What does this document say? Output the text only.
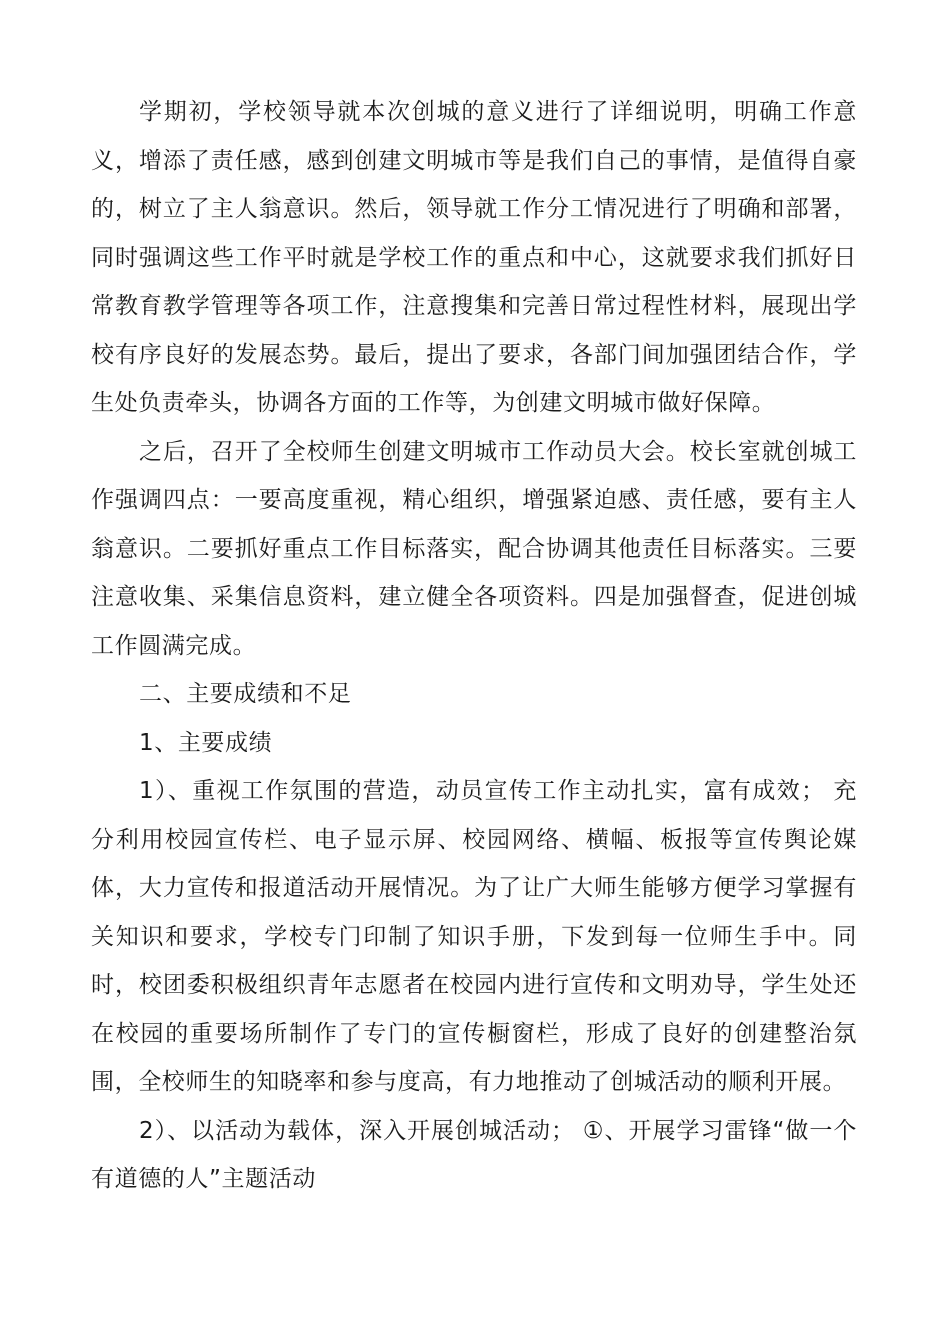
学期初，学校领导就本次创城的意义进行了详细说明，明确工作意义，增添了责任感，感到创建文明城市等是我们自己的事情，是值得自豪的，树立了主人翁意识。然后，领导就工作分工情况进行了明确和部署，同时强调这些工作平时就是学校工作的重点和中心，这就要求我们抓好日常教育教学管理等各项工作，注意搜集和完善日常过程性材料，展现出学校有序良好的发展态势。最后，提出了要求，各部门间加强团结合作，学生处负责牵头，协调各方面的工作等，为创建文明城市做好保障。

之后，召开了全校师生创建文明城市工作动员大会。校长室就创城工作强调四点：一要高度重视，精心组织，增强紧迫感、责任感，要有主人翁意识。二要抓好重点工作目标落实，配合协调其他责任目标落实。三要注意收集、采集信息资料，建立健全各项资料。四是加强督查，促进创城工作圆满完成。

二、主要成绩和不足

1、主要成绩

1）、重视工作氛围的营造，动员宣传工作主动扎实，富有成效； 充分利用校园宣传栏、电子显示屏、校园网络、横幅、板报等宣传舆论媒体，大力宣传和报道活动开展情况。为了让广大师生能够方便学习掌握有关知识和要求，学校专门印制了知识手册，下发到每一位师生手中。同时，校团委积极组织青年志愿者在校园内进行宣传和文明劝导，学生处还在校园的重要场所制作了专门的宣传橱窗栏，形成了良好的创建整治氛围，全校师生的知晓率和参与度高，有力地推动了创城活动的顺利开展。

2）、以活动为载体，深入开展创城活动； ①、开展学习雷锋“做一个有道德的人”主题活动
